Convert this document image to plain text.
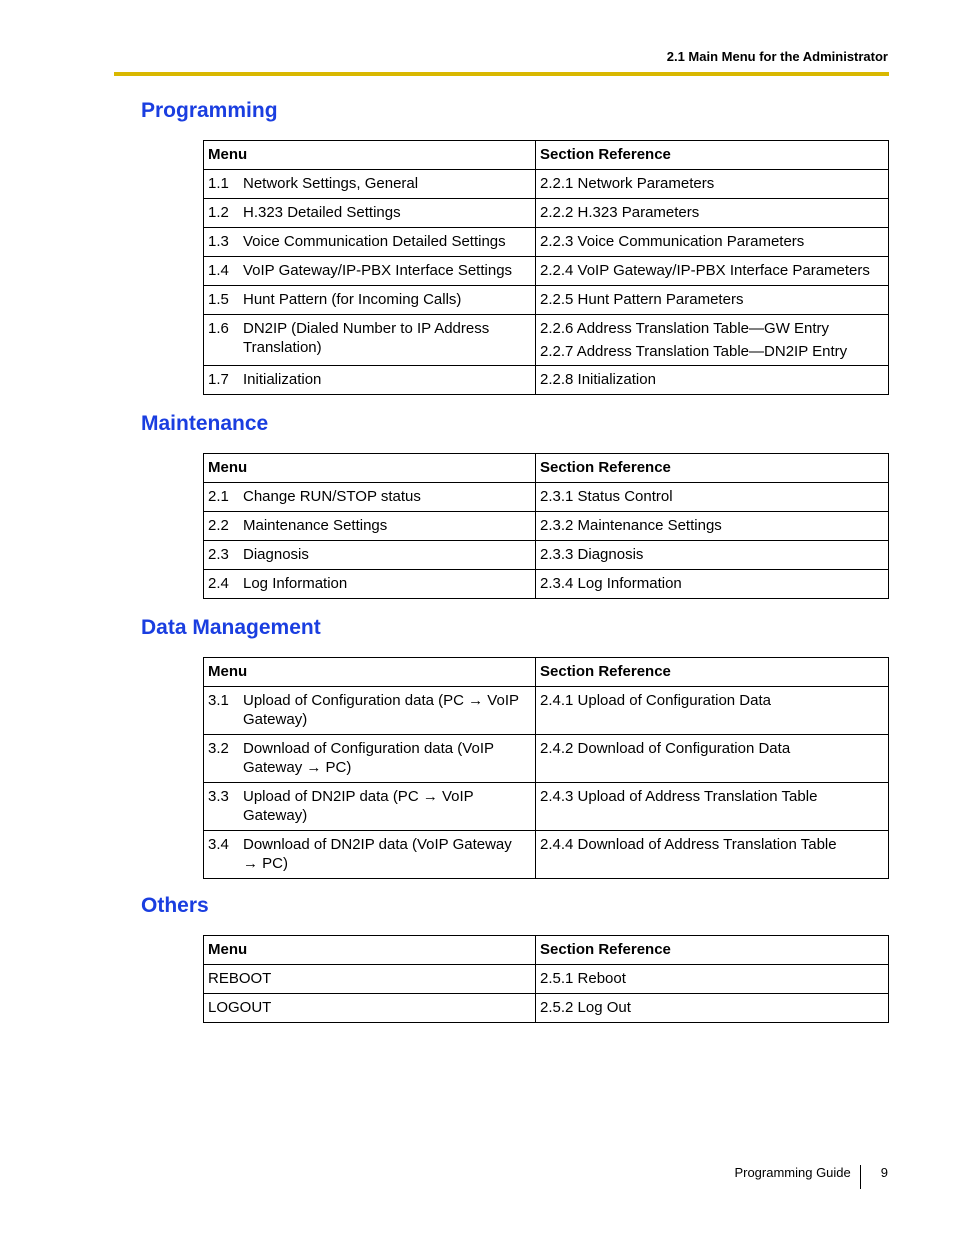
2.1 Main Menu for the Administrator
Programming
Menu	Section Reference
1.1 Network Settings, General	2.2.1 Network Parameters

1.2 H.323 Detailed Settings	2.2.2 H.323 Parameters

1.3 Voice Communication Detailed Settings	2.2.3 Voice Communication Parameters

1.4 VoIP Gateway/IP-PBX Interface Settings	2.2.4 VoIP Gateway/IP-PBX Interface Parameters

1.5 Hunt Pattern (for Incoming Calls)	2.2.5 Hunt Pattern Parameters

1.6 DN2IP (Dialed Number to IP Address Translation)	2.2.6 Address Translation Table—GW Entry
2.2.7 Address Translation Table—DN2IP Entry

1.7 Initialization	2.2.8 Initialization
Maintenance
Menu	Section Reference
2.1 Change RUN/STOP status	2.3.1 Status Control

2.2 Maintenance Settings	2.3.2 Maintenance Settings

2.3 Diagnosis	2.3.3 Diagnosis

2.4 Log Information	2.3.4 Log Information
Data Management
Menu	Section Reference
3.1 Upload of Configuration data (PC → VoIP Gateway)	2.4.1 Upload of Configuration Data

3.2 Download of Configuration data (VoIP Gateway → PC)	2.4.2 Download of Configuration Data

3.3 Upload of DN2IP data (PC → VoIP Gateway)	2.4.3 Upload of Address Translation Table

3.4 Download of DN2IP data (VoIP Gateway → PC)	2.4.4 Download of Address Translation Table
Others
Menu	Section Reference
REBOOT	2.5.1 Reboot

LOGOUT	2.5.2 Log Out
Programming Guide 9
